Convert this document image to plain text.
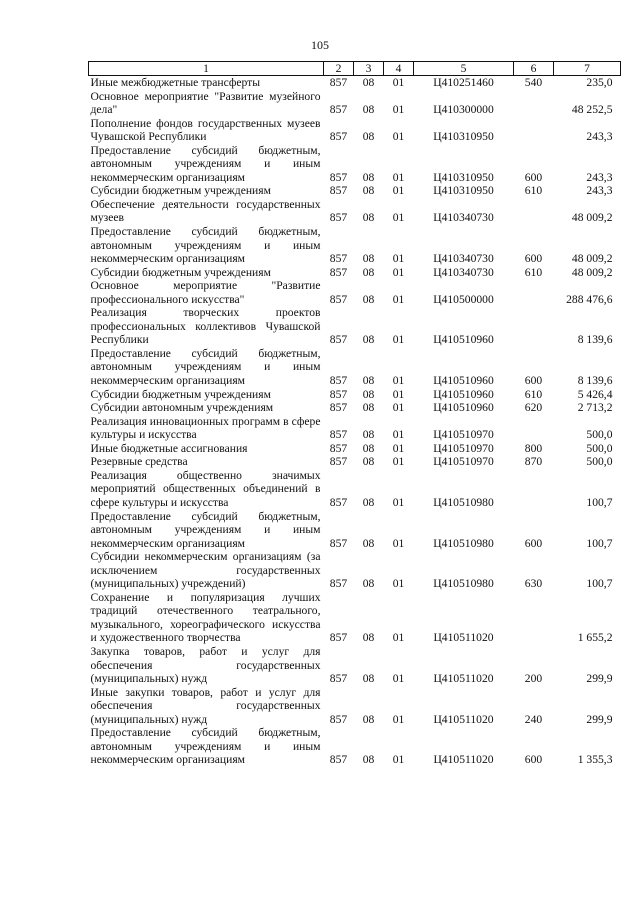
105
1	2	3	4	5	6	7
Иные межбюджетные трансферты	857	08	01	Ц410251460	540	235,0
Основное мероприятие "Развитие музейного дела"	857	08	01	Ц410300000		48 252,5
Пополнение фондов государственных музеев Чувашской Республики	857	08	01	Ц410310950		243,3
Предоставление субсидий бюджетным, автономным учреждениям и иным некоммерческим организациям	857	08	01	Ц410310950	600	243,3
Субсидии бюджетным учреждениям	857	08	01	Ц410310950	610	243,3
Обеспечение деятельности государственных музеев	857	08	01	Ц410340730		48 009,2
Предоставление субсидий бюджетным, автономным учреждениям и иным некоммерческим организациям	857	08	01	Ц410340730	600	48 009,2
Субсидии бюджетным учреждениям	857	08	01	Ц410340730	610	48 009,2
Основное мероприятие "Развитие профессионального искусства"	857	08	01	Ц410500000		288 476,6
Реализация творческих проектов профессиональных коллективов Чувашской Республики	857	08	01	Ц410510960		8 139,6
Предоставление субсидий бюджетным, автономным учреждениям и иным некоммерческим организациям	857	08	01	Ц410510960	600	8 139,6
Субсидии бюджетным учреждениям	857	08	01	Ц410510960	610	5 426,4
Субсидии автономным учреждениям	857	08	01	Ц410510960	620	2 713,2
Реализация инновационных программ в сфере культуры и искусства	857	08	01	Ц410510970		500,0
Иные бюджетные ассигнования	857	08	01	Ц410510970	800	500,0
Резервные средства	857	08	01	Ц410510970	870	500,0
Реализация общественно значимых мероприятий общественных объединений в сфере культуры и искусства	857	08	01	Ц410510980		100,7
Предоставление субсидий бюджетным, автономным учреждениям и иным некоммерческим организациям	857	08	01	Ц410510980	600	100,7
Субсидии некоммерческим организациям (за исключением государственных (муниципальных) учреждений)	857	08	01	Ц410510980	630	100,7
Сохранение и популяризация лучших традиций отечественного театрального, музыкального, хореографического искусства и художественного творчества	857	08	01	Ц410511020		1 655,2
Закупка товаров, работ и услуг для обеспечения государственных (муниципальных) нужд	857	08	01	Ц410511020	200	299,9
Иные закупки товаров, работ и услуг для обеспечения государственных (муниципальных) нужд	857	08	01	Ц410511020	240	299,9
Предоставление субсидий бюджетным, автономным учреждениям и иным некоммерческим организациям	857	08	01	Ц410511020	600	1 355,3
